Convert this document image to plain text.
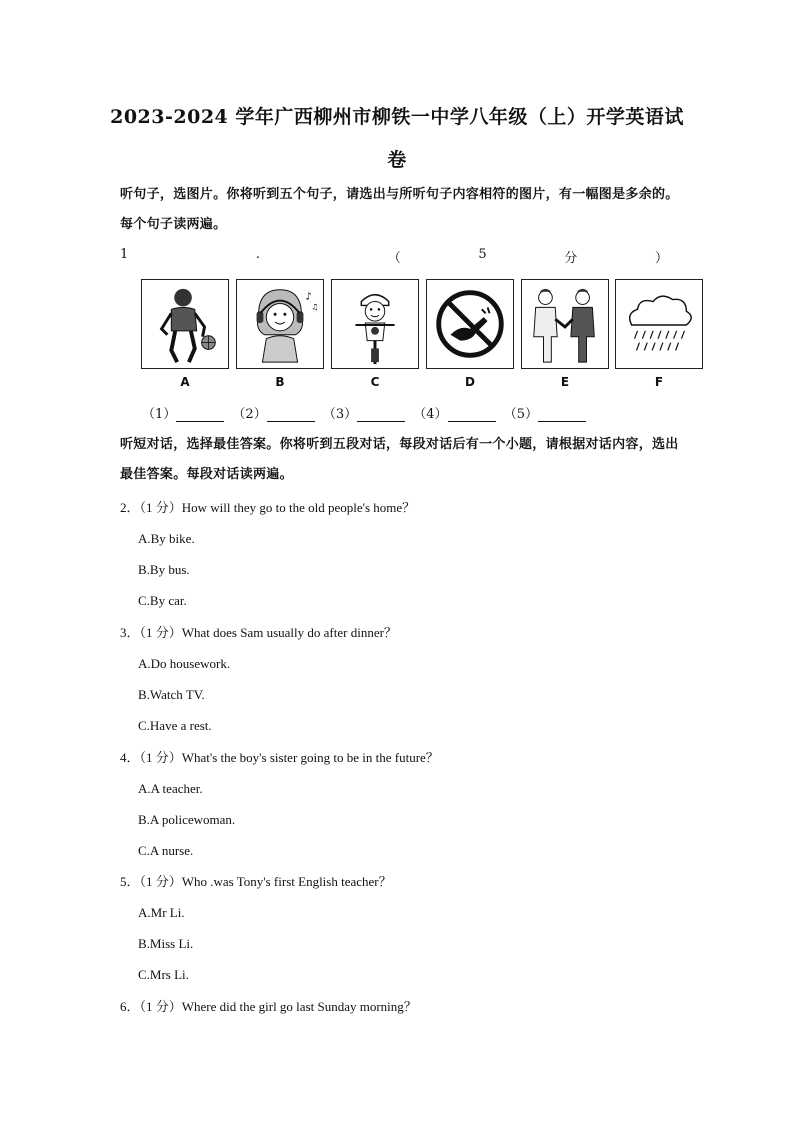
2023-2024 学年广西柳州市柳铁一中学八年级（上）开学英语试
卷
听句子，选图片。你将听到五个句子，请选出与所听句子内容相符的图片，有一幅图是多余的。每个句子读两遍。
1	.	（	5	分	）
♪
♫
A	B	C	D	E	F
（1）	（2）	（3）	（4）	（5）
听短对话，选择最佳答案。你将听到五段对话，每段对话后有一个小题，请根据对话内容，选出最佳答案。每段对话读两遍。
2．（1 分）How will they go to the old people's home？
A.By bike.
B.By bus.
C.By car.
3．（1 分）What does Sam usually do after dinner？
A.Do housework.
B.Watch TV.
C.Have a rest.
4．（1 分）What's the boy's sister going to be in the future？
A.A teacher.
B.A policewoman.
C.A nurse.
5．（1 分）Who .was Tony's first English teacher？
A.Mr Li.
B.Miss Li.
C.Mrs Li.
6．（1 分）Where did the girl go last Sunday morning？
